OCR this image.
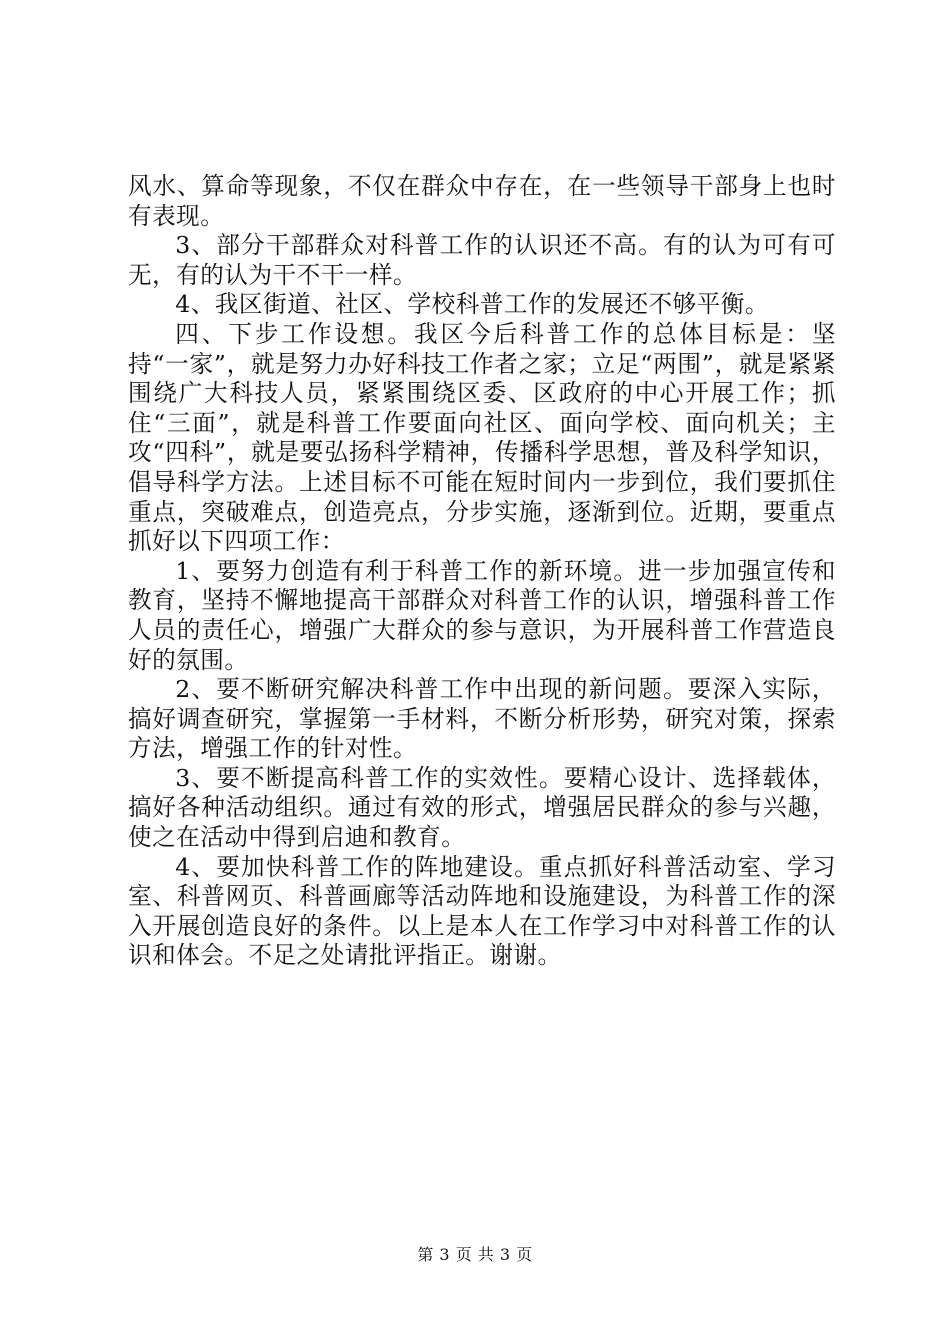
风水、算命等现象，不仅在群众中存在，在一些领导干部身上也时有表现。

3、部分干部群众对科普工作的认识还不高。有的认为可有可无，有的认为干不干一样。

4、我区街道、社区、学校科普工作的发展还不够平衡。

四、下步工作设想。我区今后科普工作的总体目标是：坚持“一家”，就是努力办好科技工作者之家；立足“两围”，就是紧紧围绕广大科技人员，紧紧围绕区委、区政府的中心开展工作；抓住“三面”，就是科普工作要面向社区、面向学校、面向机关；主攻“四科”，就是要弘扬科学精神，传播科学思想，普及科学知识，倡导科学方法。上述目标不可能在短时间内一步到位，我们要抓住重点，突破难点，创造亮点，分步实施，逐渐到位。近期，要重点抓好以下四项工作：

1、要努力创造有利于科普工作的新环境。进一步加强宣传和教育，坚持不懈地提高干部群众对科普工作的认识，增强科普工作人员的责任心，增强广大群众的参与意识，为开展科普工作营造良好的氛围。

2、要不断研究解决科普工作中出现的新问题。要深入实际，搞好调查研究，掌握第一手材料，不断分析形势，研究对策，探索方法，增强工作的针对性。

3、要不断提高科普工作的实效性。要精心设计、选择载体，搞好各种活动组织。通过有效的形式，增强居民群众的参与兴趣，使之在活动中得到启迪和教育。

4、要加快科普工作的阵地建设。重点抓好科普活动室、学习室、科普网页、科普画廊等活动阵地和设施建设，为科普工作的深入开展创造良好的条件。以上是本人在工作学习中对科普工作的认识和体会。不足之处请批评指正。谢谢。

第 3 页 共 3 页
